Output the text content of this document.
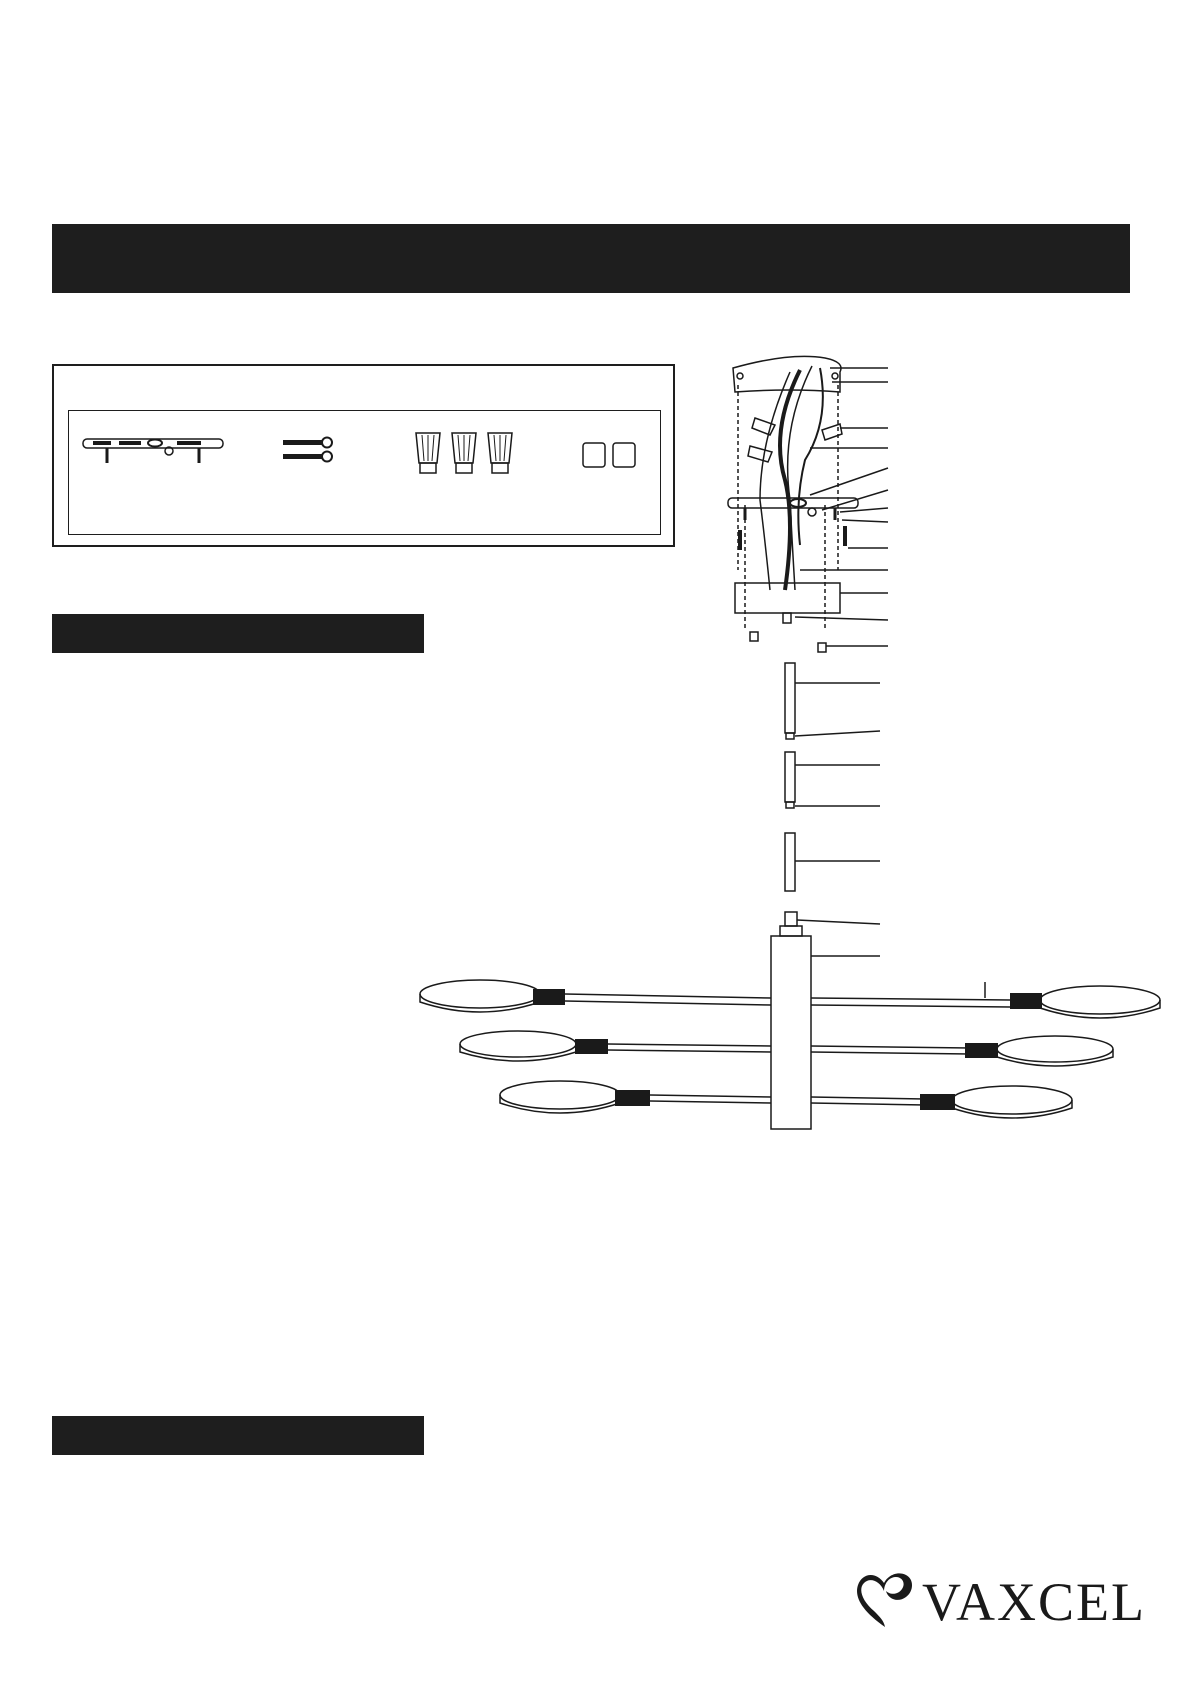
VAXCEL
